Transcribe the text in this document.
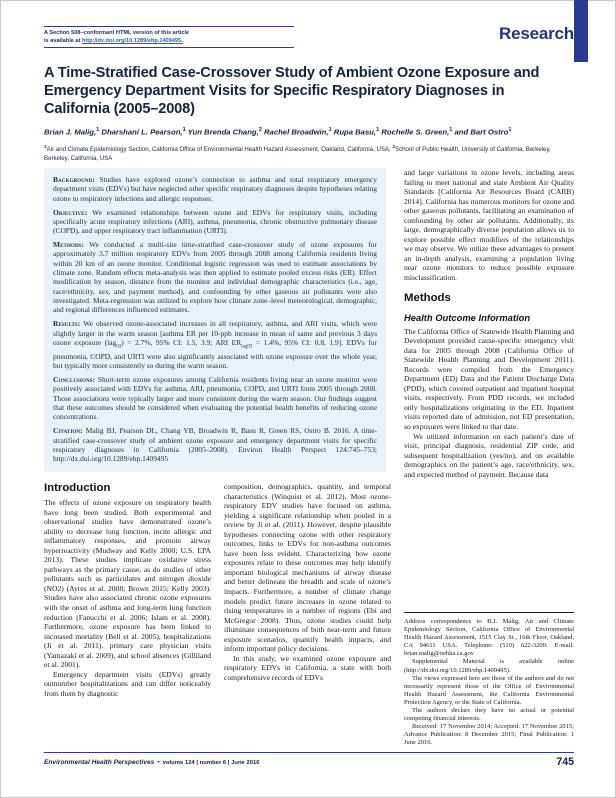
A Section 508–conformant HTML version of this article
is available at http://dx.doi.org/10.1289/ehp.1409495.	Research
A Time-Stratified Case-Crossover Study of Ambient Ozone Exposure and Emergency Department Visits for Specific Respiratory Diagnoses in California (2005–2008)
Brian J. Malig,$^1$ Dharshani L. Pearson,$^1$ Yun Brenda Chang,$^2$ Rachel Broadwin,$^1$ Rupa Basu,$^1$ Rochelle S. Green,$^1$ and Bart Ostro$^1$
$^1$Air and Climate Epidemiology Section, California Office of Environmental Health Hazard Assessment, Oakland, California, USA; $^2$School of Public Health, University of California, Berkeley, Berkeley, California, USA

Background: Studies have explored ozone’s connection to asthma and total respiratory emergency department visits (EDVs) but have neglected other specific respiratory diagnoses despite hypotheses relating ozone to respiratory infections and allergic responses.

Objective: We examined relationships between ozone and EDVs for respiratory visits, including specifically acute respiratory infections (ARI), asthma, pneumonia, chronic obstructive pulmonary disease (COPD), and upper respiratory tract inflammation (URTI).

Methods: We conducted a multi-site time-stratified case-crossover study of ozone exposures for approximately 3.7 million respiratory EDVs from 2005 through 2008 among California residents living within 20 km of an ozone monitor. Conditional logistic regression was used to estimate associations by climate zone. Random effects meta-analysis was then applied to estimate pooled excess risks (ER). Effect modification by season, distance from the monitor and individual demographic characteristics (i.e., age, race/ethnicity, sex, and payment method), and confounding by other gaseous air pollutants were also investigated. Meta-regression was utilized to explore how climate zone–level meteorological, demographic, and regional differences influenced estimates.

Results: We observed ozone-associated increases in all respiratory, asthma, and ARI visits, which were slightly larger in the warm season [asthma ER per 10-ppb increase in mean of same and previous 3 days ozone exposure (lag$_{03}$) = 2.7%, 95% CI: 1.5, 3.9; ARI $ER_{lag03} = 1.4\%$, 95% CI: 0.8, 1.9]. EDVs for pneumonia, COPD, and URTI were also significantly associated with ozone exposure over the whole year, but typically more consistently so during the warm season.

Conclusions: Short-term ozone exposures among California residents living near an ozone monitor were positively associated with EDVs for asthma, ARI, pneumonia, COPD, and URTI from 2005 through 2008. Those associations were typically larger and more consistent during the warm season. Our findings suggest that these outcomes should be considered when evaluating the potential health benefits of reducing ozone concentrations.

Citation: Malig BJ, Pearson DL, Chang YB, Broadwin R, Basu R, Green RS, Ostro B. 2016. A time-stratified case-crossover study of ambient ozone exposure and emergency department visits for specific respiratory diagnoses in California (2005–2008). Environ Health Perspect 124:745–753; http://dx.doi.org/10.1289/ehp.1409495

and large variations in ozone levels, including areas failing to meet national and state Ambient Air Quality Standards [California Air Resources Board (CARB) 2014]. California has numerous monitors for ozone and other gaseous pollutants, facilitating an examination of confounding by other air pollutants. Additionally, its large, demographically diverse population allows us to explore possible effect modifiers of the relationships we may observe. We utilize these advantages to present an in-depth analysis, examining a population living near ozone monitors to reduce possible exposure misclassification.

Methods
Health Outcome Information

The California Office of Statewide Health Planning and Development provided cause-specific emergency visit data for 2005 through 2008 (California Office of Statewide Health Planning and Development 2011). Records were compiled from the Emergency Department (ED) Data and the Patient Discharge Data (PDD), which covered outpatient and inpatient hospital visits, respectively. From PDD records, we included only hospitalizations originating in the ED. Inpatient visits reported date of admission, not ED presentation, so exposures were linked to that date.

We utilized information on each patient’s date of visit, principal diagnosis, residential ZIP code, and subsequent hospitalization (yes/no), and on available demographics on the patient’s age, race/ethnicity, sex, and expected method of payment. Because data

Introduction

The effects of ozone exposure on respiratory health have long been studied. Both experimental and observational studies have demonstrated ozone’s ability to decrease lung function, incite allergic and inflammatory responses, and promote airway hyperreactivity (Mudway and Kelly 2000; U.S. EPA 2013). These studies implicate oxidative stress pathways as the primary cause, as do studies of other pollutants such as particulates and nitrogen dioxide (NO2) (Ayres et al. 2008; Brown 2015; Kelly 2003). Studies have also associated chronic ozone exposures with the onset of asthma and long-term lung function reduction (Fanucchi et al. 2006; Islam et al. 2008). Furthermore, ozone exposure has been linked to increased mortality (Bell et al. 2005), hospitalizations (Ji et al. 2011), primary care physician visits (Yamazaki et al. 2009), and school absences (Gilliland et al. 2001).

Emergency department visits (EDVs) greatly outnumber hospitalizations and can differ noticeably from them by diagnostic

composition, demographics, quantity, and temporal characteristics (Winquist et al. 2012). Most ozone-respiratory EDV studies have focused on asthma, yielding a significant relationship when pooled in a review by Ji et al. (2011). However, despite plausible hypotheses connecting ozone with other respiratory outcomes, links to EDVs for non-asthma outcomes have been less evident. Characterizing how ozone exposures relate to these outcomes may help identify important biological mechanisms of airway disease and better delineate the breadth and scale of ozone’s impacts. Furthermore, a number of climate change models predict future increases in ozone related to rising temperatures in a number of regions (Ebi and McGregor 2008). Thus, ozone studies could help illuminate consequences of both near-term and future exposure scenarios, quantify health impacts, and inform important policy decisions.

In this study, we examined ozone exposure and respiratory EDVs in California, a state with both comprehensive records of EDVs

Address correspondence to B.J. Malig, Air and Climate Epidemiology Section, California Office of Environmental Health Hazard Assessment, 1515 Clay St., 16th Floor, Oakland, CA 94611 USA. Telephone: (510) 622-3200. E-mail: brian.malig@oehha.ca.gov

Supplemental Material is available online (http://dx.doi.org/10.1289/ehp.1409495).

The views expressed here are those of the authors and do not necessarily represent those of the Office of Environmental Health Hazard Assessment, the California Environmental Protection Agency, or the State of California.

The authors declare they have no actual or potential competing financial interests.

Received: 17 November 2014; Accepted: 17 November 2015; Advance Publication: 8 December 2015; Final Publication: 1 June 2016.

Environmental Health Perspectives • volume 124 | number 6 | June 2016	745
